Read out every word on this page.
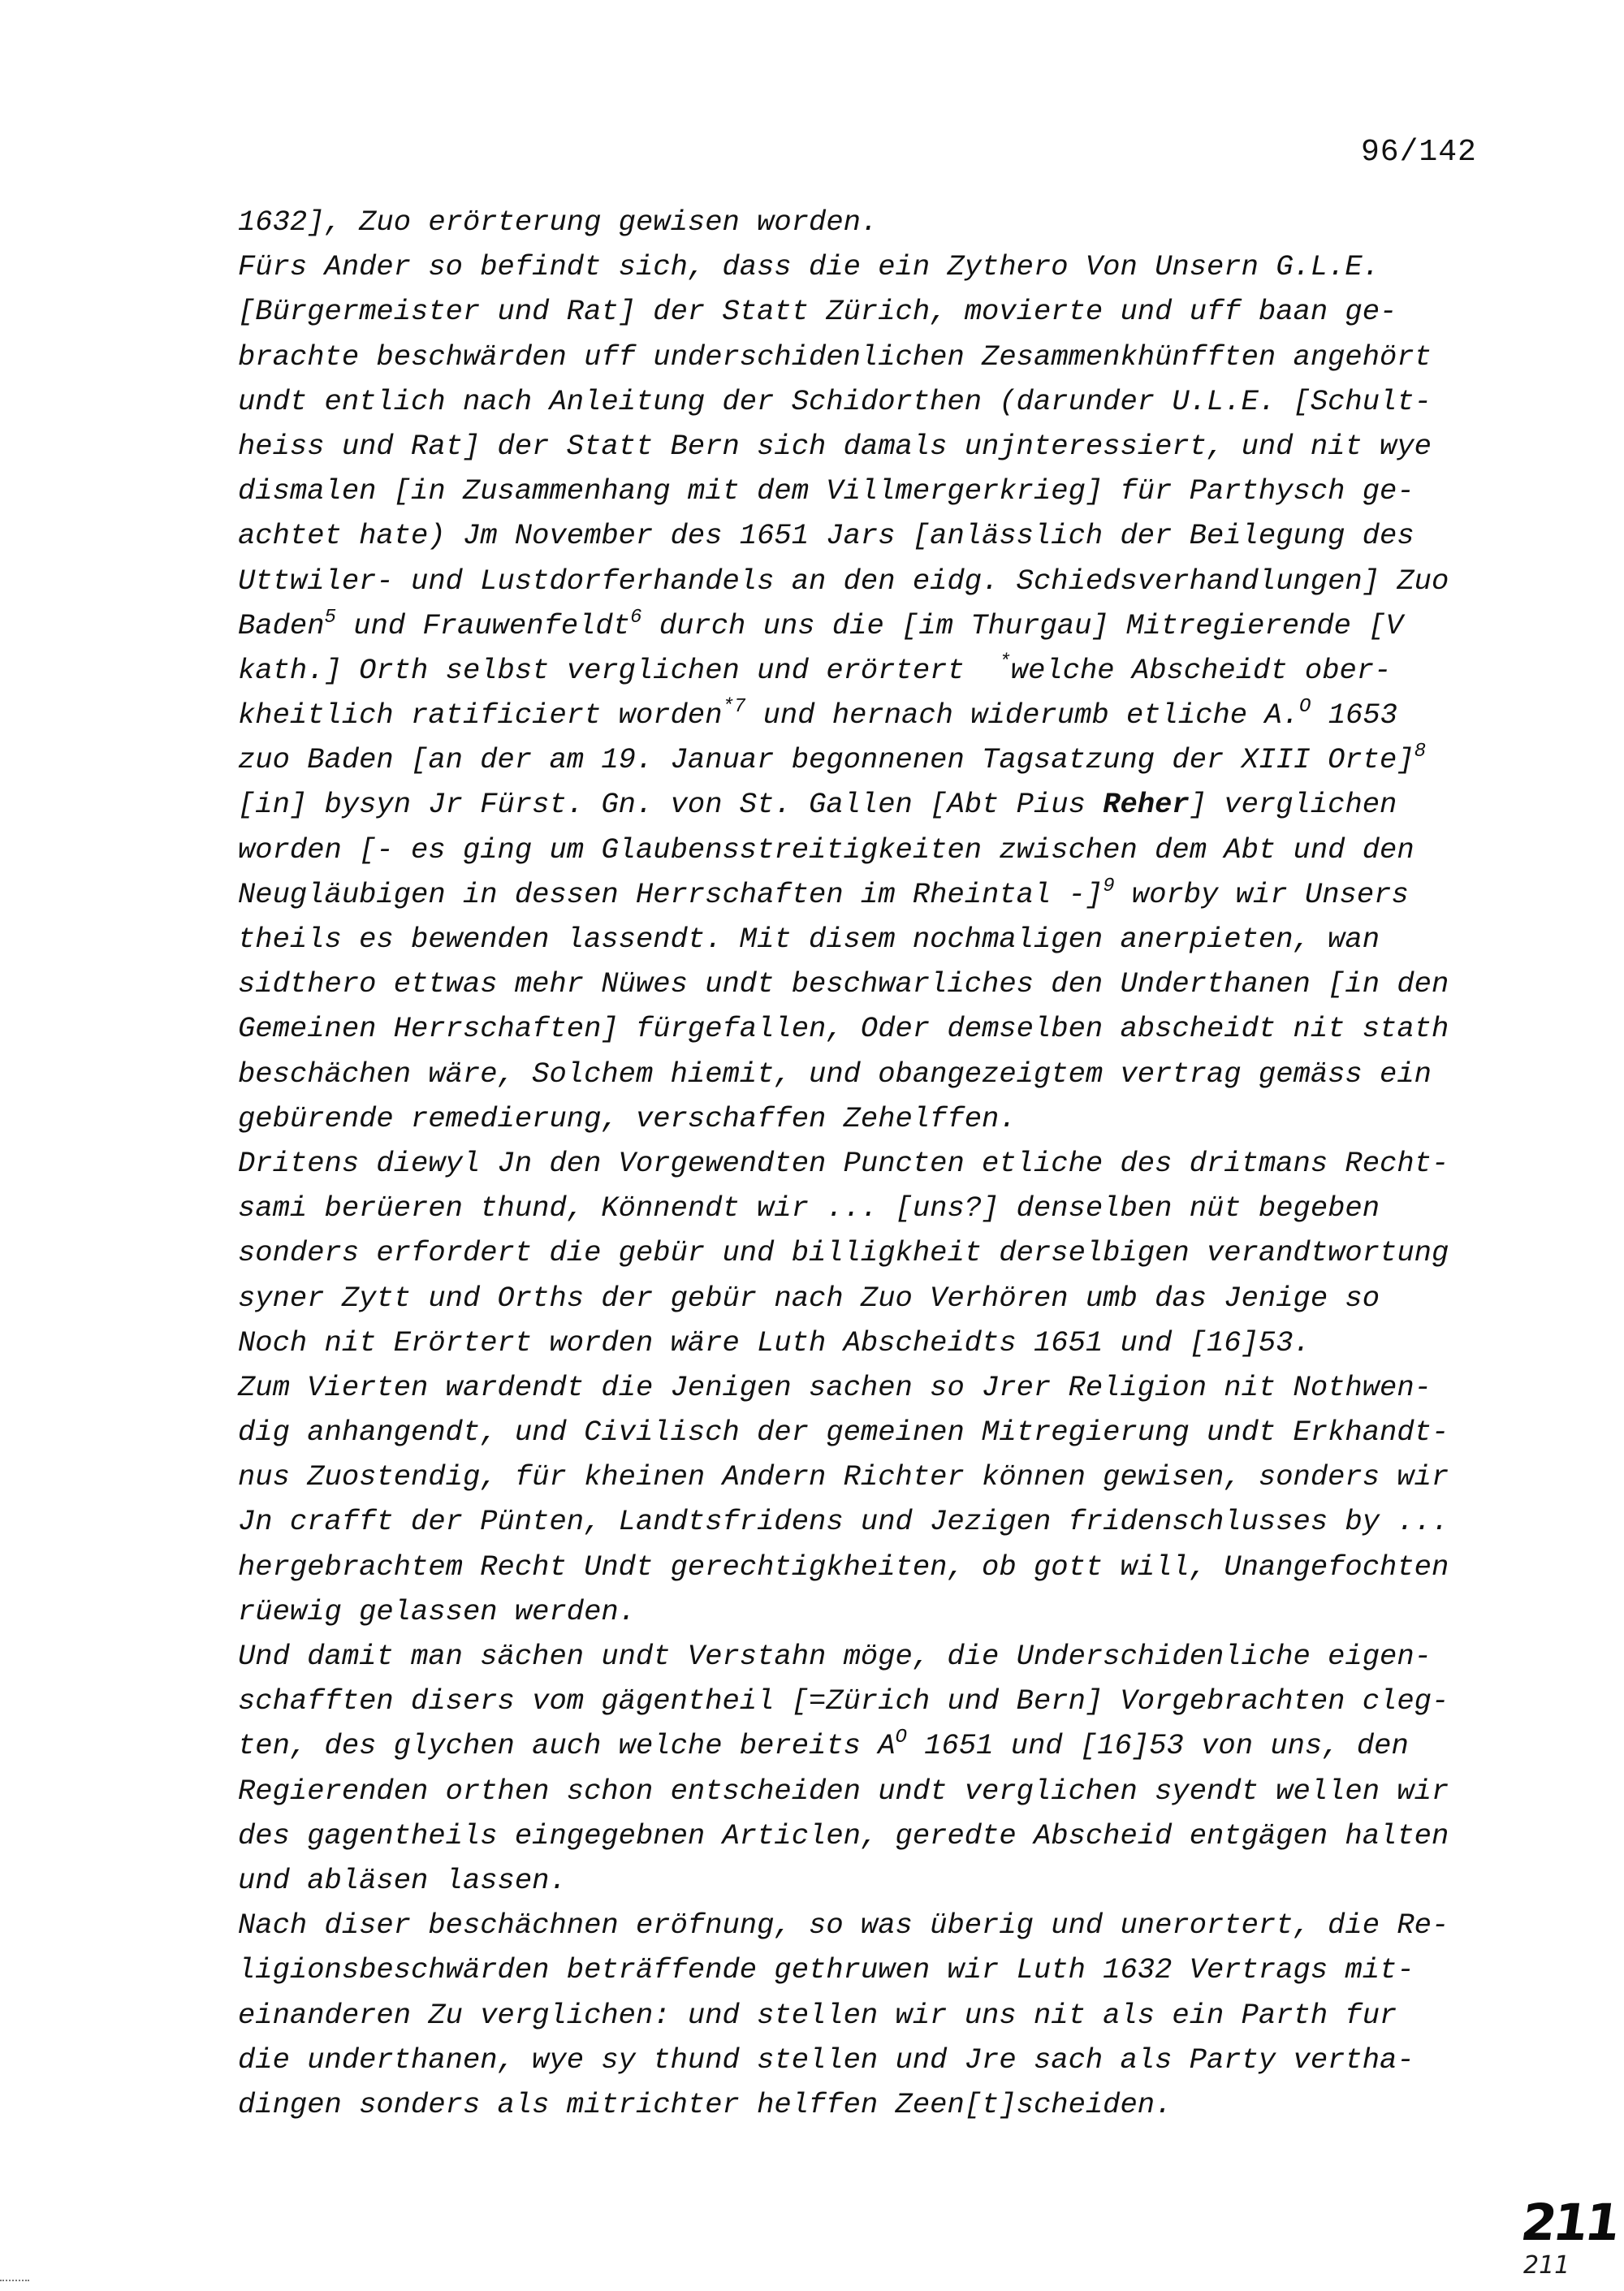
96/142
1632], Zuo erörterung gewisen worden.
Fürs Ander so befindt sich, dass die ein Zythero Von Unsern G.L.E.
[Bürgermeister und Rat] der Statt Zürich, movierte und uff baan ge-
brachte beschwärden uff underschidenlichen Zesammenkhünfften angehört
undt entlich nach Anleitung der Schidorthen (darunder U.L.E. [Schult-
heiss und Rat] der Statt Bern sich damals unjnteressiert, und nit wye
dismalen [in Zusammenhang mit dem Villmergerkrieg] für Parthysch ge-
achtet hate) Jm November des 1651 Jars [anlässlich der Beilegung des
Uttwiler- und Lustdorferhandels an den eidg. Schiedsverhandlungen] Zuo
Baden$^5$ und Frauwenfeldt$^6$ durch uns die [im Thurgau] Mitregierende [V
kath.] Orth selbst verglichen und erörtert  *welche Abscheidt ober-
kheitlich ratificiert worden$^{*7}$ und hernach widerumb etliche A.$^O$ 1653
zuo Baden [an der am 19. Januar begonnenen Tagsatzung der XIII Orte]$^8$
[in] bysyn Jr Fürst. Gn. von St. Gallen [Abt Pius Reher] verglichen
worden [- es ging um Glaubensstreitigkeiten zwischen dem Abt und den
Neugläubigen in dessen Herrschaften im Rheintal -]$^9$ worby wir Unsers
theils es bewenden lassendt. Mit disem nochmaligen anerpieten, wan
sidthero ettwas mehr Nüwes undt beschwarliches den Underthanen [in den
Gemeinen Herrschaften] fürgefallen, Oder demselben abscheidt nit stath
beschächen wäre, Solchem hiemit, und obangezeigtem vertrag gemäss ein
gebürende remedierung, verschaffen Zehelffen.
Dritens diewyl Jn den Vorgewendten Puncten etliche des dritmans Recht-
sami berüeren thund, Könnendt wir ... [uns?] denselben nüt begeben
sonders erfordert die gebür und billigkheit derselbigen verandtwortung
syner Zytt und Orths der gebür nach Zuo Verhören umb das Jenige so
Noch nit Erörtert worden wäre Luth Abscheidts 1651 und [16]53.
Zum Vierten wardendt die Jenigen sachen so Jrer Religion nit Nothwen-
dig anhangendt, und Civilisch der gemeinen Mitregierung undt Erkhandt-
nus Zuostendig, für kheinen Andern Richter können gewisen, sonders wir
Jn crafft der Pünten, Landtsfridens und Jezigen fridenschlusses by ...
hergebrachtem Recht Undt gerechtigkheiten, ob gott will, Unangefochten
rüewig gelassen werden.
Und damit man sächen undt Verstahn möge, die Underschidenliche eigen-
schafften disers vom gägentheil [=Zürich und Bern] Vorgebrachten cleg-
ten, des glychen auch welche bereits $A^O$ 1651 und [16]53 von uns, den
Regierenden orthen schon entscheiden undt verglichen syendt wellen wir
des gagentheils eingegebnen Articlen, geredte Abscheid entgägen halten
und abläsen lassen.
Nach diser beschächnen eröfnung, so was überig und unerortert, die Re-
ligionsbeschwärden beträffende gethruwen wir Luth 1632 Vertrags mit-
einanderen Zu verglichen: und stellen wir uns nit als ein Parth fur
die underthanen, wye sy thund stellen und Jre sach als Party vertha-
dingen sonders als mitrichter helffen Zeen[t]scheiden.
211
211
